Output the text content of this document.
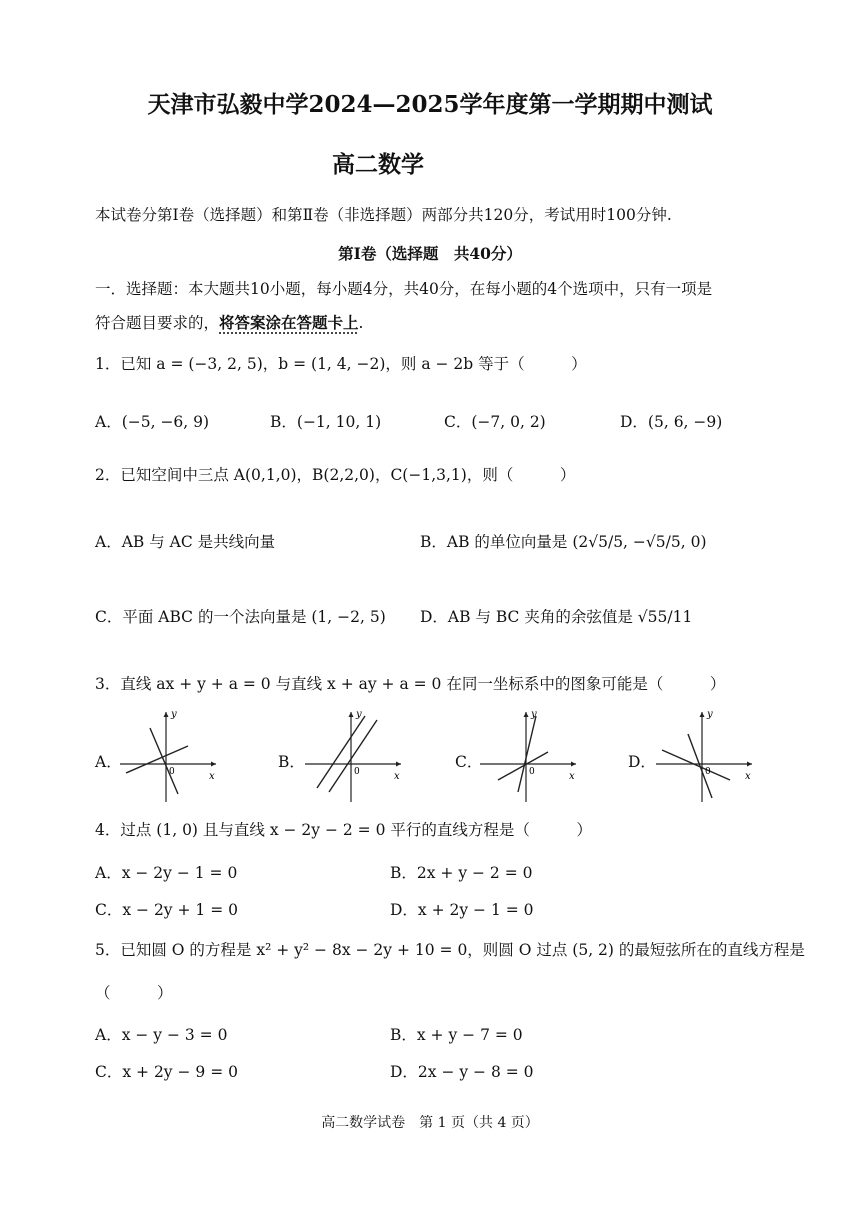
天津市弘毅中学2024—2025学年度第一学期期中测试
高二数学
本试卷分第Ⅰ卷（选择题）和第Ⅱ卷（非选择题）两部分共120分，考试用时100分钟.
第Ⅰ卷（选择题　共40分）
一．选择题：本大题共10小题，每小题4分，共40分，在每小题的4个选项中，只有一项是
符合题目要求的，将答案涂在答题卡上.
1．已知 a = (−3, 2, 5)，b = (1, 4, −2)，则 a − 2b 等于（　　　）
A．(−5, −6, 9)	B．(−1, 10, 1)	C．(−7, 0, 2)	D．(5, 6, −9)
2．已知空间中三点 A(0,1,0)，B(2,2,0)，C(−1,3,1)，则（　　　）
A．AB 与 AC 是共线向量	B．AB 的单位向量是 (2√5/5, −√5/5, 0)
C．平面 ABC 的一个法向量是 (1, −2, 5) D．AB 与 BC 夹角的余弦值是 √55/11
3．直线 ax + y + a = 0 与直线 x + ay + a = 0 在同一坐标系中的图象可能是（　　　）
A．
y
x
0
B．
y
x
0
C．
y
x
0
D．
y
x
0
4．过点 (1, 0) 且与直线 x − 2y − 2 = 0 平行的直线方程是（　　　）
A．x − 2y − 1 = 0	B．2x + y − 2 = 0
C．x − 2y + 1 = 0	D．x + 2y − 1 = 0
5．已知圆 O 的方程是 x² + y² − 8x − 2y + 10 = 0，则圆 O 过点 (5, 2) 的最短弦所在的直线方程是
（　　　）
A．x − y − 3 = 0	B．x + y − 7 = 0
C．x + 2y − 9 = 0	D．2x − y − 8 = 0
高二数学试卷　第 1 页（共 4 页）
